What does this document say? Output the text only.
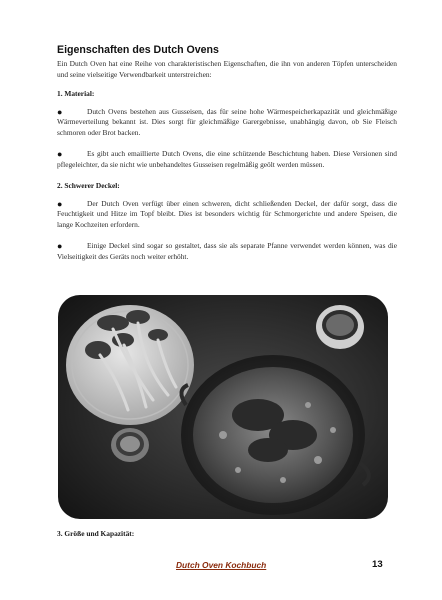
Eigenschaften des Dutch Ovens

Ein Dutch Oven hat eine Reihe von charakteristischen Eigenschaften, die ihn von anderen Töpfen unterscheiden und seine vielseitige Verwendbarkeit unterstreichen:

1. Material:
●	Dutch Ovens bestehen aus Gusseisen, das für seine hohe Wärmespeicherkapazität und gleichmäßige Wärmeverteilung bekannt ist. Dies sorgt für gleichmäßige Garergebnisse, unabhängig davon, ob Sie Fleisch schmoren oder Brot backen.

●	Es gibt auch emaillierte Dutch Ovens, die eine schützende Beschichtung haben. Diese Versionen sind pflegeleichter, da sie nicht wie unbehandeltes Gusseisen regelmäßig geölt werden müssen.

2. Schwerer Deckel:
●	Der Dutch Oven verfügt über einen schweren, dicht schließenden Deckel, der dafür sorgt, dass die Feuchtigkeit und Hitze im Topf bleibt. Dies ist besonders wichtig für Schmorgerichte und andere Speisen, die lange Kochzeiten erfordern.

●	Einige Deckel sind sogar so gestaltet, dass sie als separate Pfanne verwendet werden können, was die Vielseitigkeit des Geräts noch weiter erhöht.

3. Größe und Kapazität:
Dutch Oven Kochbuch	13
